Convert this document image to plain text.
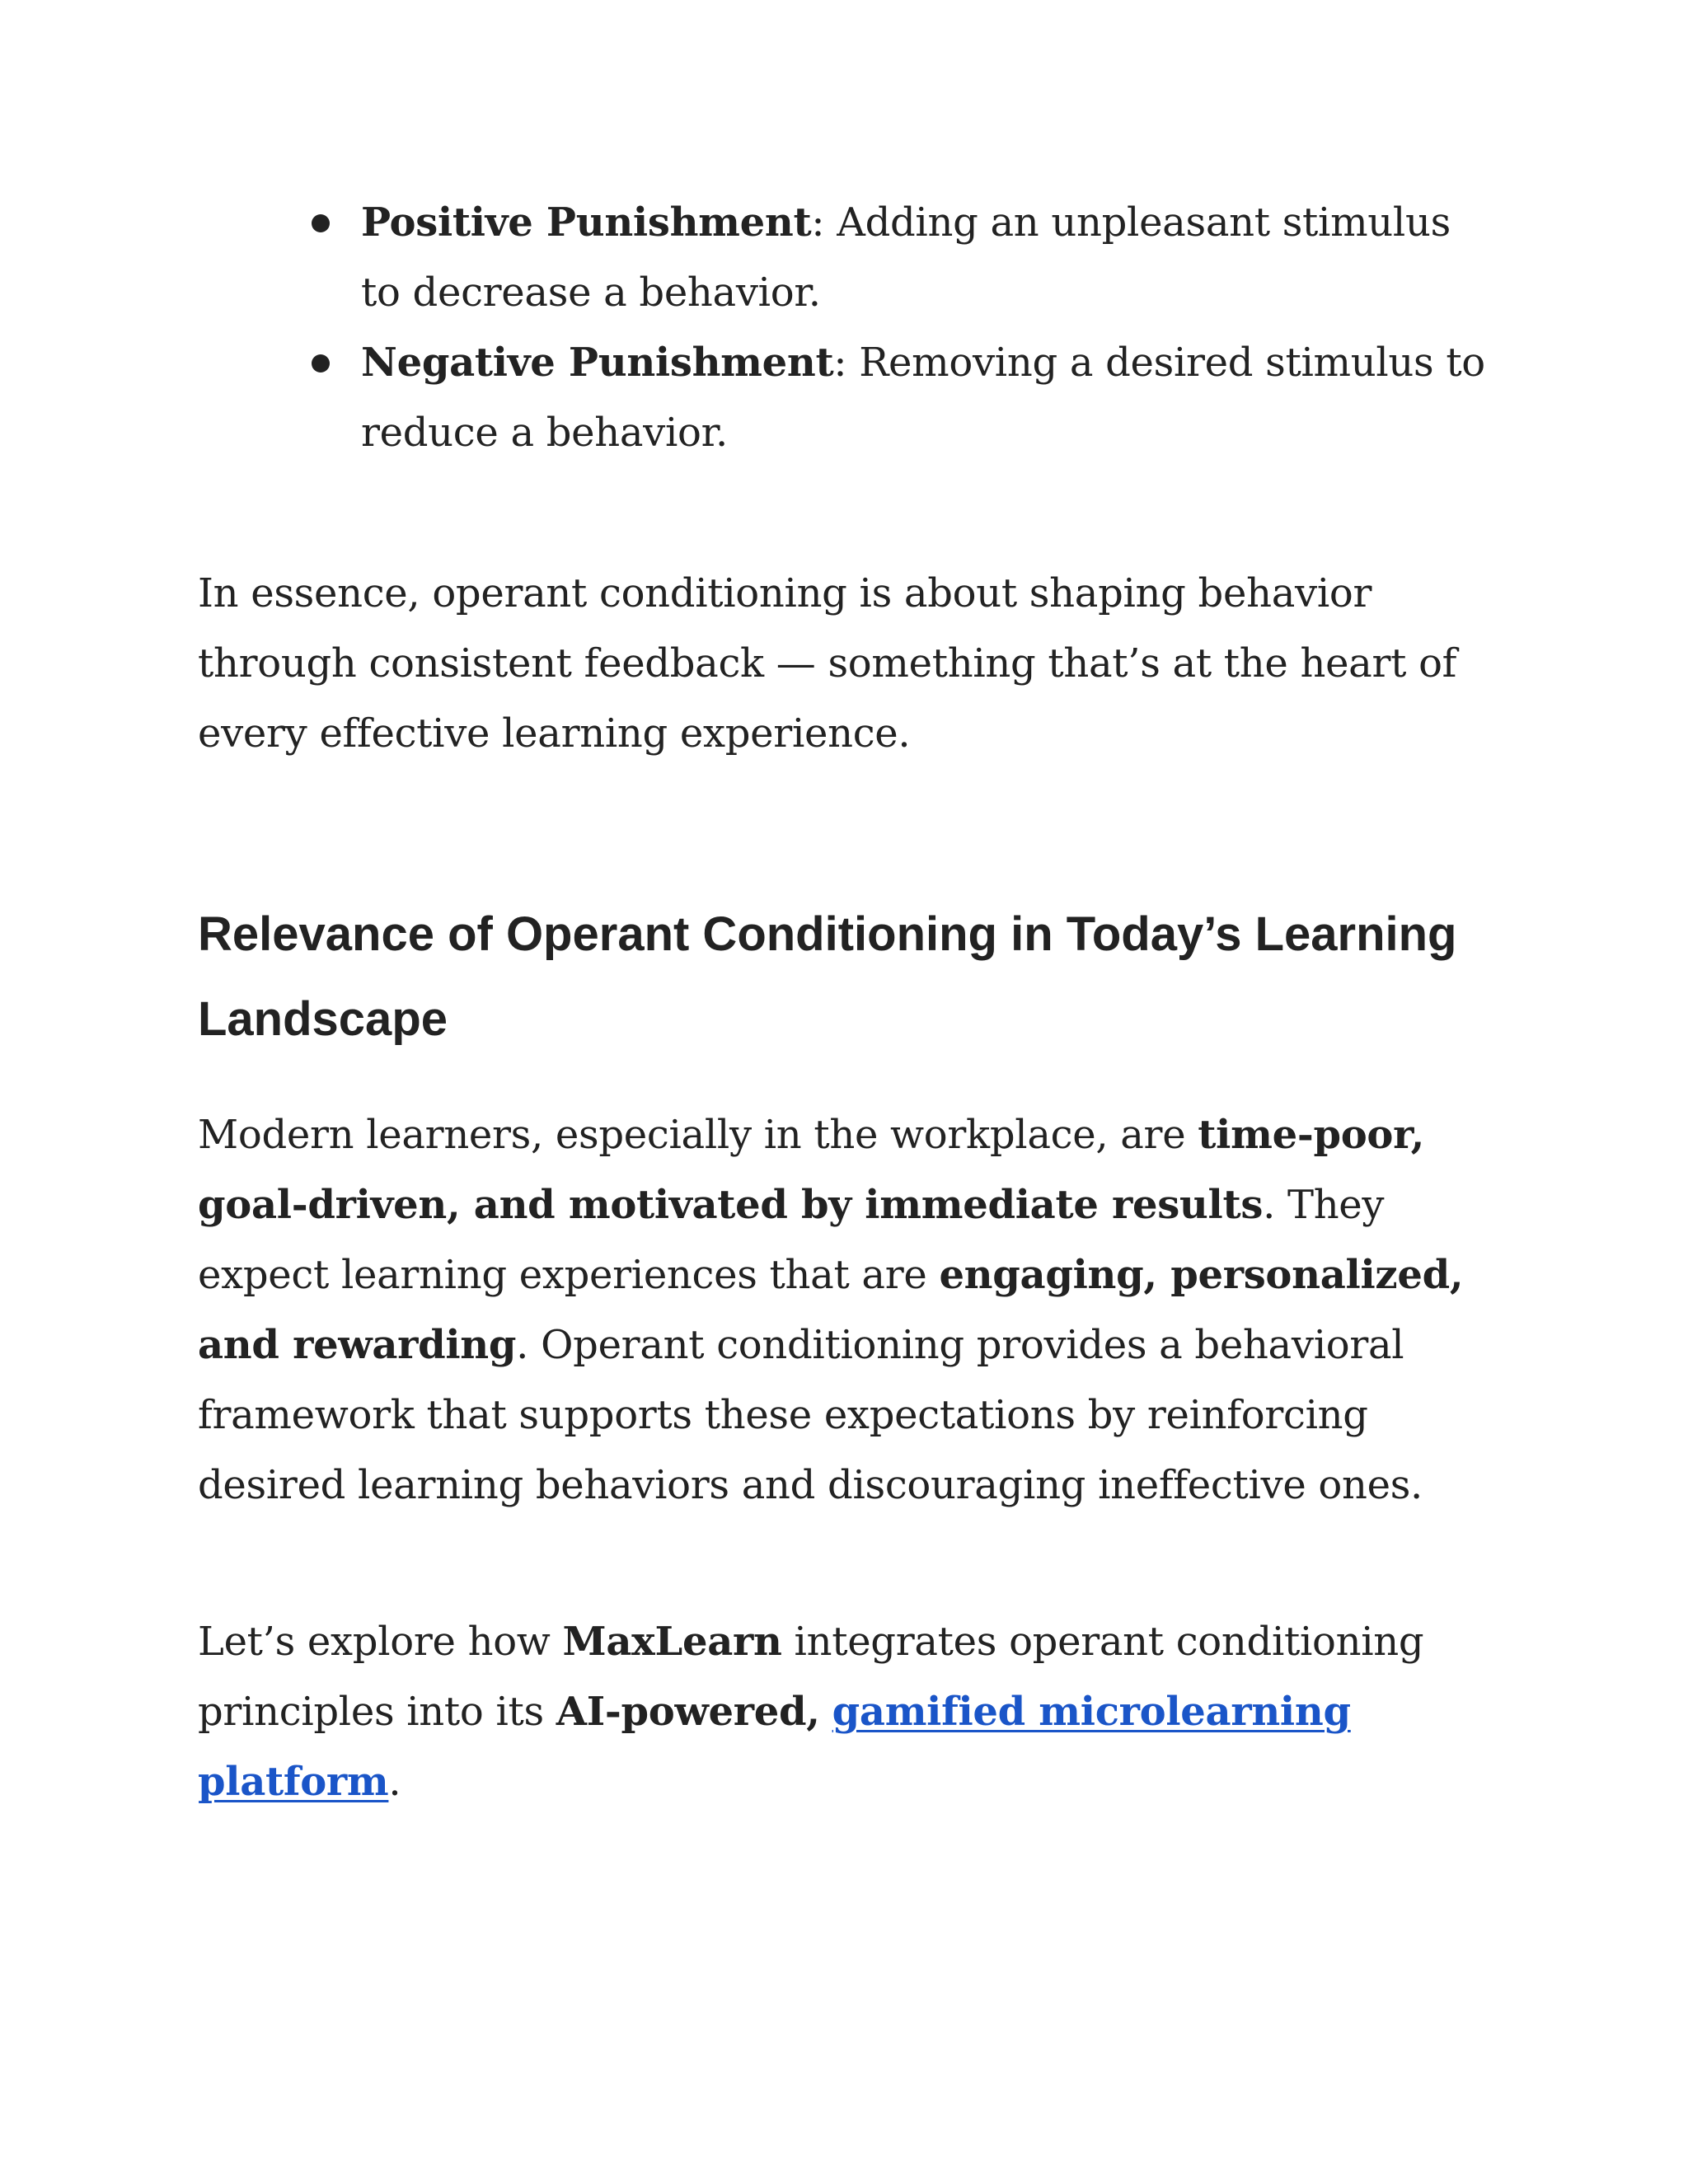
Positive Punishment: Adding an unpleasant stimulus to decrease a behavior.
Negative Punishment: Removing a desired stimulus to reduce a behavior.

In essence, operant conditioning is about shaping behavior through consistent feedback — something that’s at the heart of every effective learning experience.

Relevance of Operant Conditioning in Today’s Learning Landscape

Modern learners, especially in the workplace, are time-poor, goal-driven, and motivated by immediate results. They expect learning experiences that are engaging, personalized, and rewarding. Operant conditioning provides a behavioral framework that supports these expectations by reinforcing desired learning behaviors and discouraging ineffective ones.

Let’s explore how MaxLearn integrates operant conditioning principles into its AI-powered, gamified microlearning platform.
